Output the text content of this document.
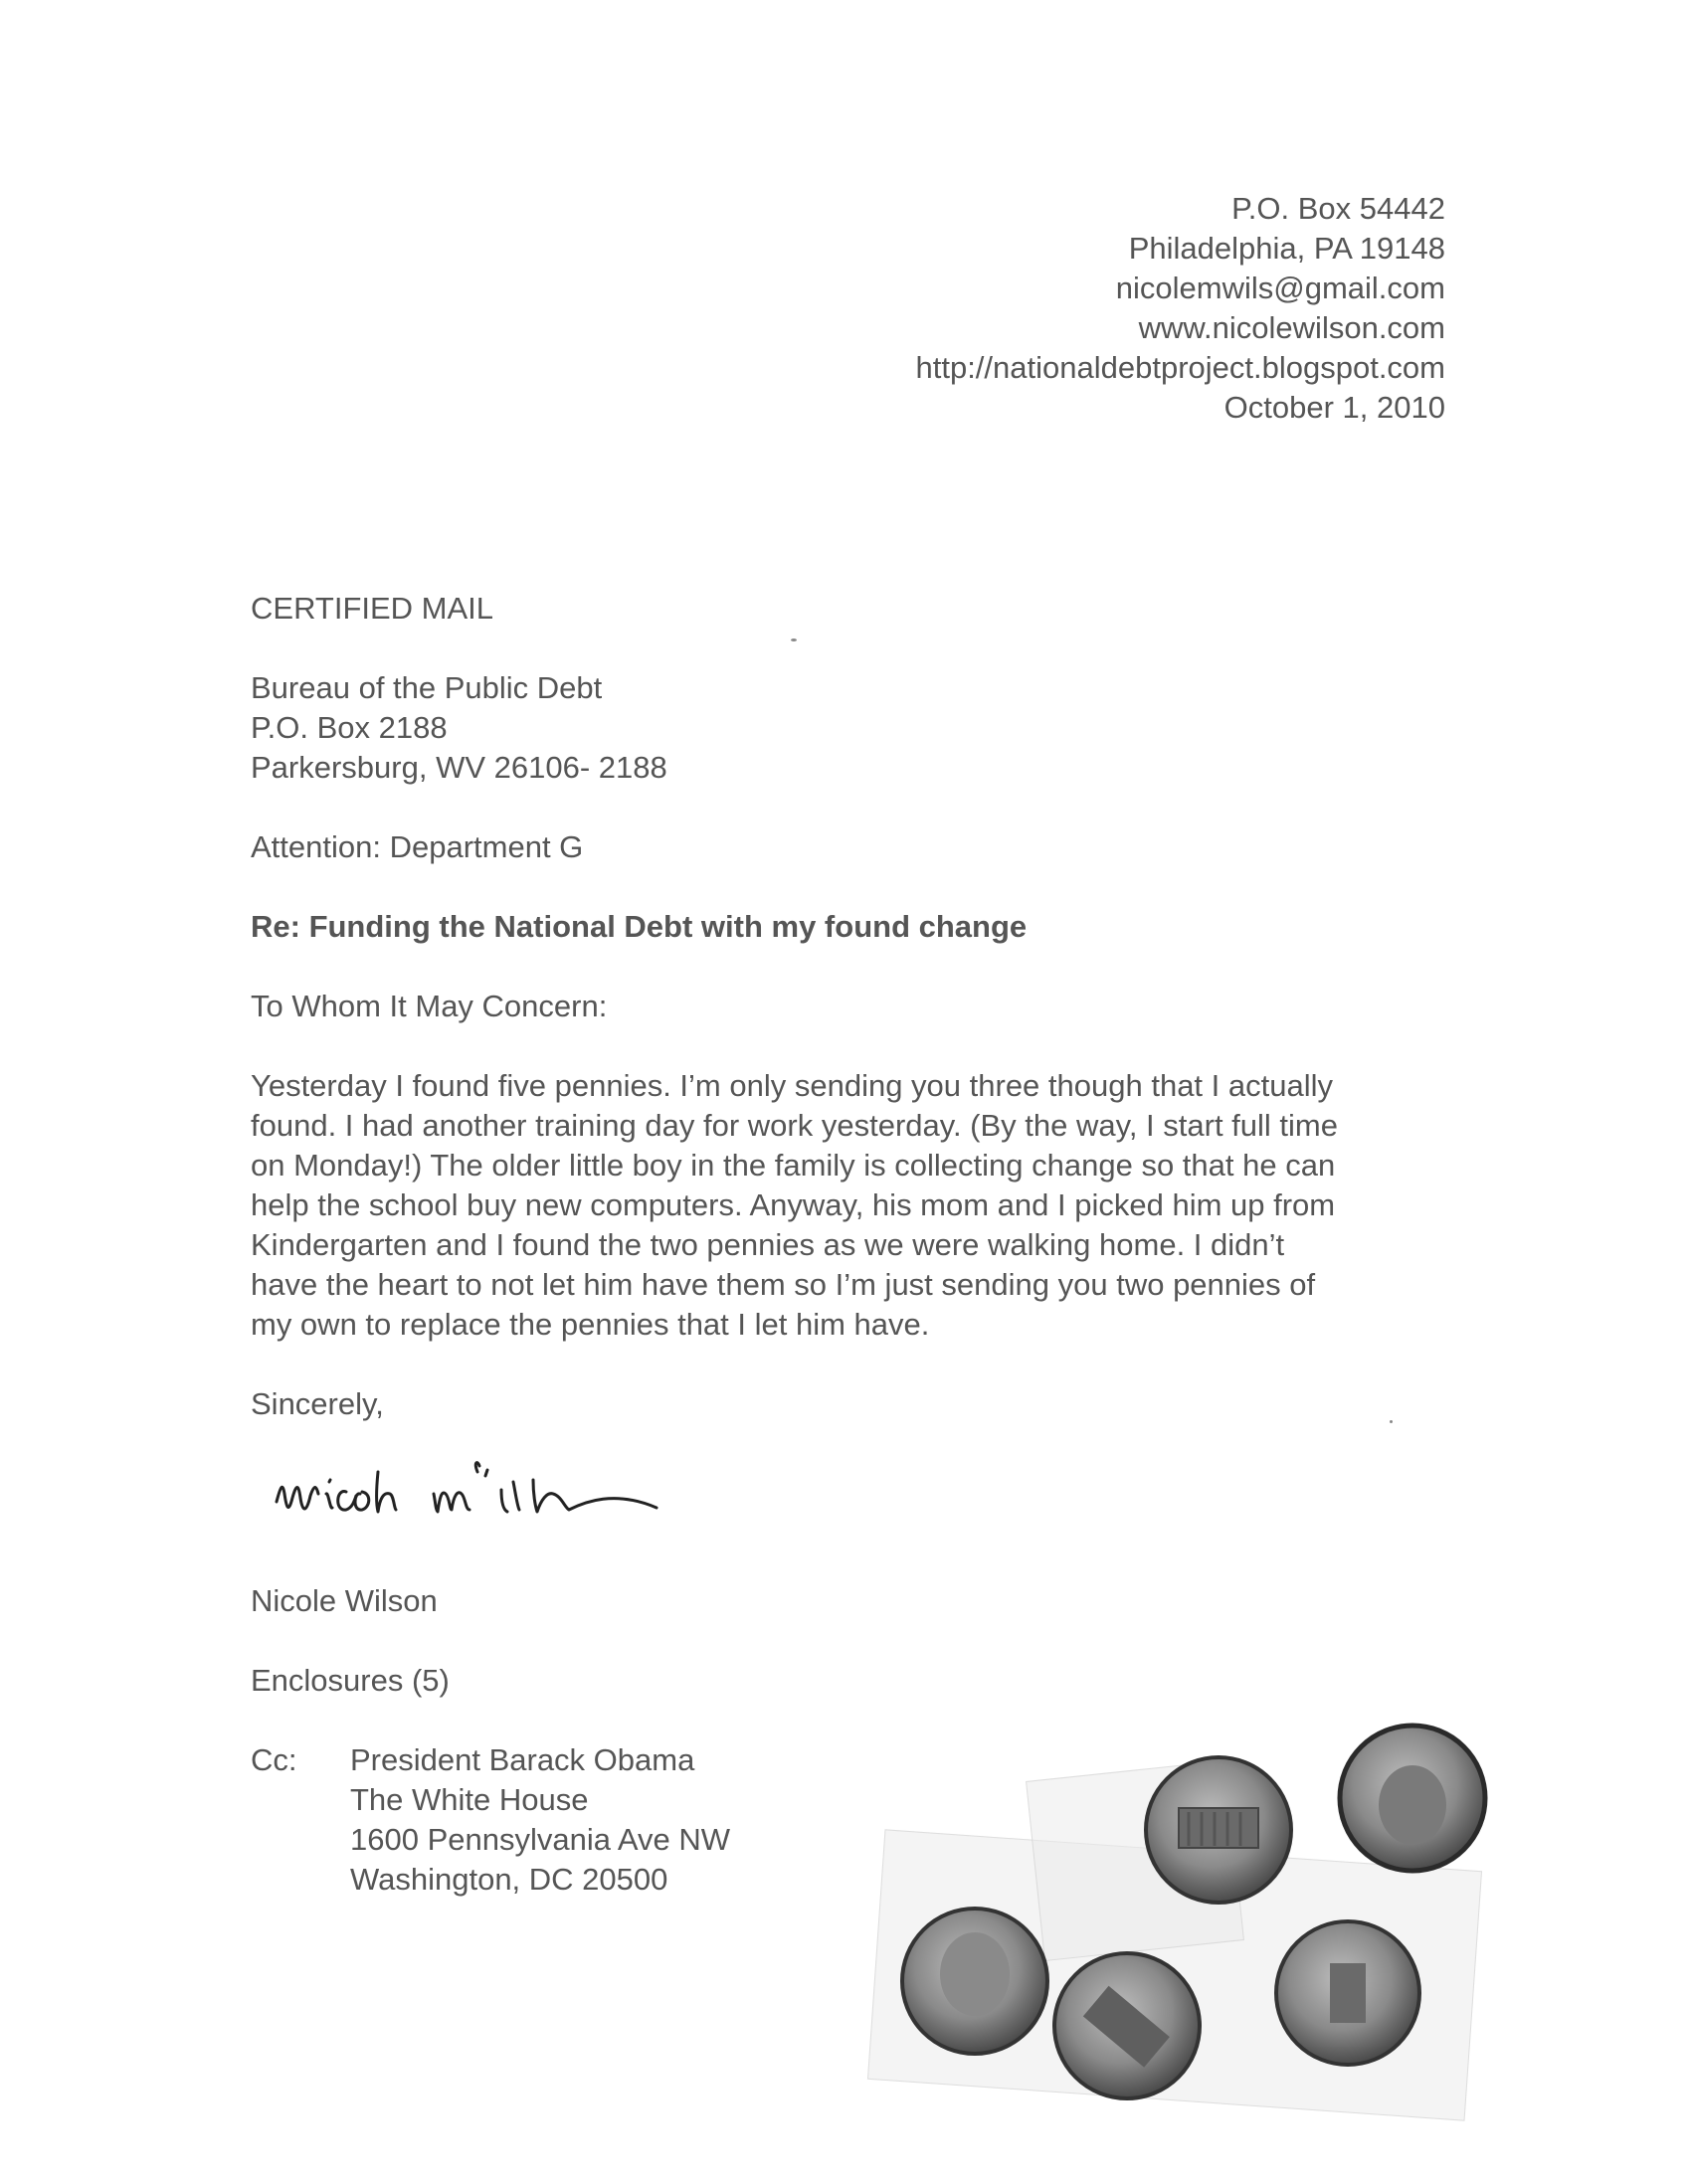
P.O. Box 54442
Philadelphia, PA 19148
nicolemwils@gmail.com
www.nicolewilson.com
http://nationaldebtproject.blogspot.com
October 1, 2010

CERTIFIED MAIL

Bureau of the Public Debt
P.O. Box 2188
Parkersburg, WV 26106- 2188

Attention: Department G

Re: Funding the National Debt with my found change

To Whom It May Concern:

Yesterday I found five pennies. I’m only sending you three though that I actually
found. I had another training day for work yesterday. (By the way, I start full time
on Monday!) The older little boy in the family is collecting change so that he can
help the school buy new computers. Anyway, his mom and I picked him up from
Kindergarten and I found the two pennies as we were walking home. I didn’t
have the heart to not let him have them so I’m just sending you two pennies of
my own to replace the pennies that I let him have.

Sincerely,

Nicole Wilson
Enclosures (5)
Cc: President Barack Obama
The White House
1600 Pennsylvania Ave NW
Washington, DC 20500
